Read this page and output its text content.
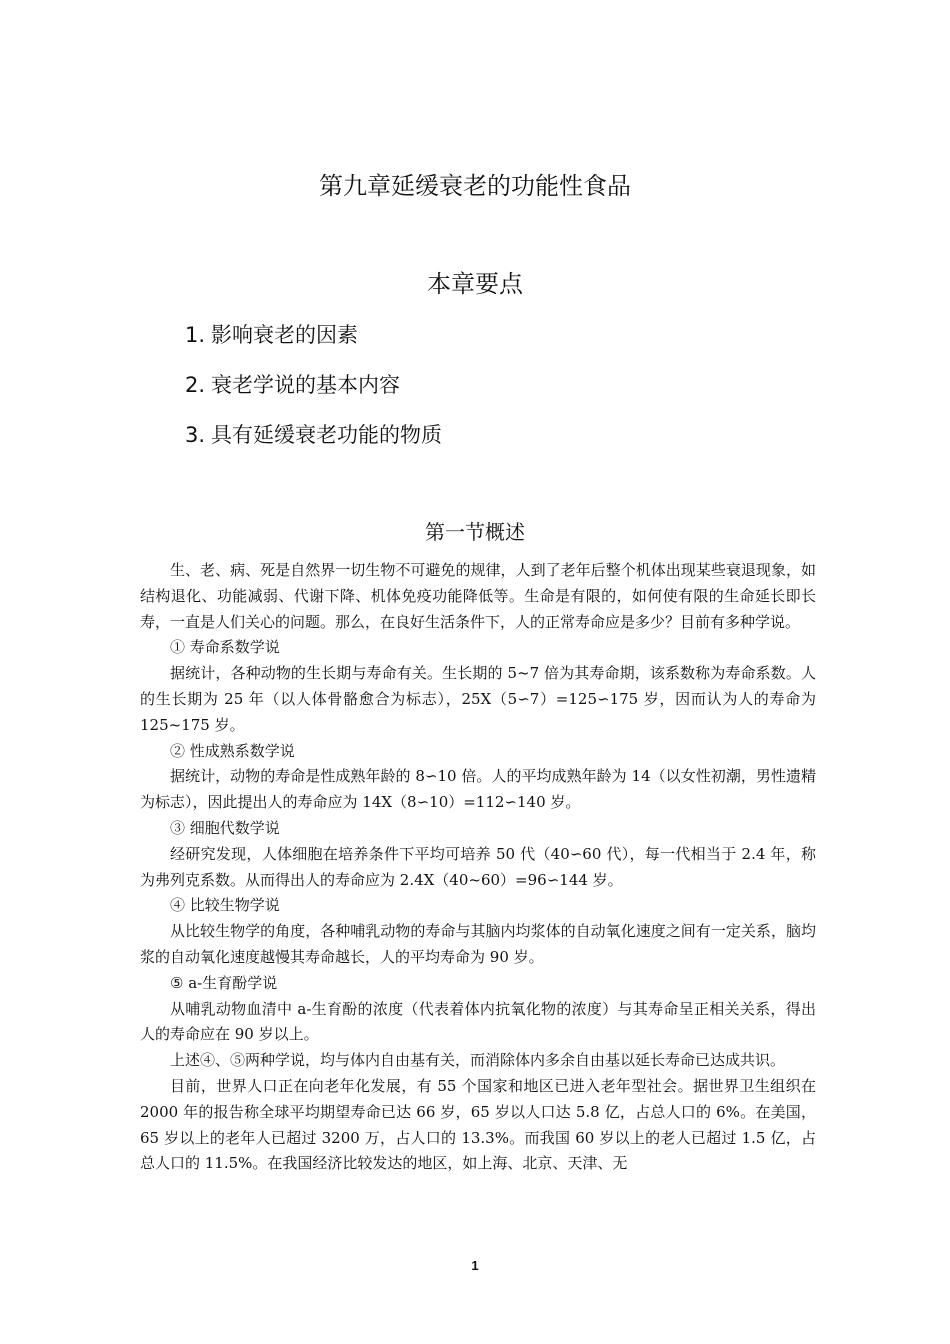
第九章延缓衰老的功能性食品
本章要点
1. 影响衰老的因素
2. 衰老学说的基本内容
3. 具有延缓衰老功能的物质
第一节概述

生、老、病、死是自然界一切生物不可避免的规律，人到了老年后整个机体出现某些衰退现象，如结构退化、功能减弱、代谢下降、机体免疫功能降低等。生命是有限的，如何使有限的生命延长即长寿，一直是人们关心的问题。那么，在良好生活条件下，人的正常寿命应是多少？目前有多种学说。

① 寿命系数学说

据统计，各种动物的生长期与寿命有关。生长期的 5~7 倍为其寿命期，该系数称为寿命系数。人的生长期为 25 年（以人体骨骼愈合为标志），25X（5∽7）=125∽175 岁，因而认为人的寿命为 125~175 岁。

② 性成熟系数学说

据统计，动物的寿命是性成熟年龄的 8∽10 倍。人的平均成熟年龄为 14（以女性初潮，男性遗精为标志），因此提出人的寿命应为 14X（8∽10）=112∽140 岁。

③ 细胞代数学说

经研究发现，人体细胞在培养条件下平均可培养 50 代（40∽60 代），每一代相当于 2.4 年，称为弗列克系数。从而得出人的寿命应为 2.4X（40~60）=96∽144 岁。

④ 比较生物学说

从比较生物学的角度，各种哺乳动物的寿命与其脑内均浆体的自动氧化速度之间有一定关系，脑均浆的自动氧化速度越慢其寿命越长，人的平均寿命为 90 岁。

⑤ a-生育酚学说

从哺乳动物血清中 a-生育酚的浓度（代表着体内抗氧化物的浓度）与其寿命呈正相关关系，得出人的寿命应在 90 岁以上。

上述④、⑤两种学说，均与体内自由基有关，而消除体内多余自由基以延长寿命已达成共识。

目前，世界人口正在向老年化发展，有 55 个国家和地区已进入老年型社会。据世界卫生组织在 2000 年的报告称全球平均期望寿命已达 66 岁，65 岁以人口达 5.8 亿，占总人口的 6%。在美国，65 岁以上的老年人已超过 3200 万，占人口的 13.3%。而我国 60 岁以上的老人已超过 1.5 亿，占总人口的 11.5%。在我国经济比较发达的地区，如上海、北京、天津、无

1
